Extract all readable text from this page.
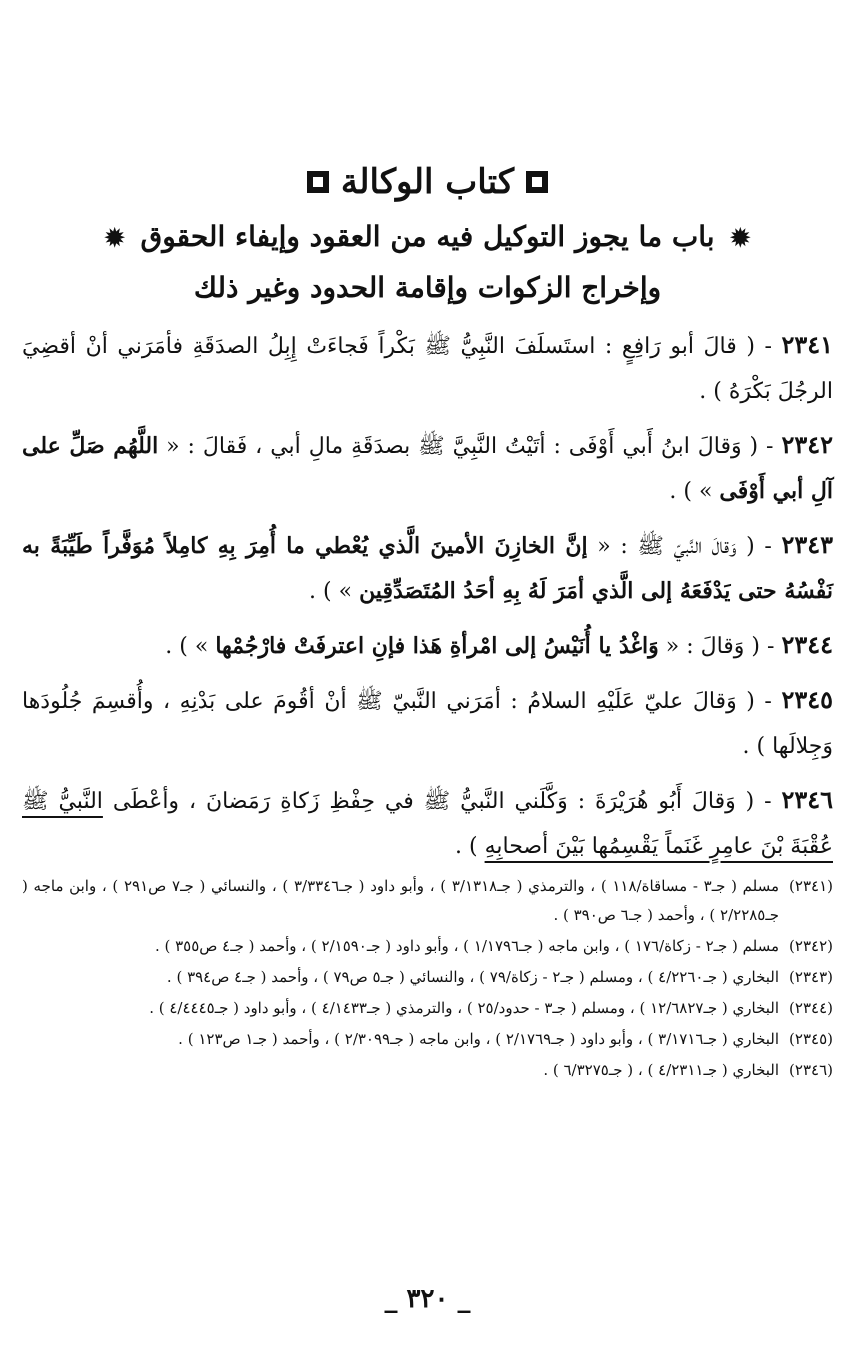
كتاب الوكالة
✹ باب ما يجوز التوكيل فيه من العقود وإيفاء الحقوق ✹
وإخراج الزكوات وإقامة الحدود وغير ذلك

٢٣٤١ - ( قالَ أبو رَافِعٍ : استَسلَفَ النَّبِيُّ ﷺ بَكْراً فَجاءَتْ إِبِلُ الصدَقَةِ فأمَرَني أنْ أقضِيَ الرجُلَ بَكْرَهُ ) .

٢٣٤٢ - ( وَقالَ ابنُ أَبي أَوْفَى : أتَيْتُ النَّبِيَّ ﷺ بصدَقَةِ مالِ أبي ، فَقالَ : « اللَّهُم صَلِّ على آلِ أبي أَوْفَى » ) .

٢٣٤٣ - ( وَقالَ النَّبيّ ﷺ : « إنَّ الخازِنَ الأمينَ الَّذي يُعْطي ما أُمِرَ بِهِ كامِلاً مُوَفَّراً طَيِّبَةً به نَفْسُهُ حتى يَدْفَعَهُ إلى الَّذي أمَرَ لَهُ بِهِ أحَدُ المُتَصَدِّقِين » ) .

٢٣٤٤ - ( وَقالَ : « وَاغْدُ يا أُنَيْسُ إلى امْرأةِ هَذا فإنِ اعترفَتْ فارْجُمْها » ) .

٢٣٤٥ - ( وَقالَ عليّ عَلَيْهِ السلامُ : أمَرَني النَّبيّ ﷺ أنْ أقُومَ على بَدْنِهِ ، وأُقسِمَ جُلُودَها وَجِلالَها ) .

٢٣٤٦ - ( وَقالَ أَبُو هُرَيْرَةَ : وَكَّلَني النَّبيُّ ﷺ في حِفْظِ زَكاةِ رَمَضانَ ، وأعْطَى النَّبيُّ ﷺ عُقْبَةَ بْنَ عامِرٍ غَنَماً يَقْسِمُها بَيْنَ أصحابِهِ ) .

(٢٣٤١)
مسلم ( جـ٣ - مساقاة/١١٨ ) ، والترمذي ( جـ٣/١٣١٨ ) ، وأبو داود ( جـ٣/٣٣٤٦ ) ، والنسائي ( جـ٧ ص٢٩١ ) ، وابن ماجه ( جـ٢/٢٢٨٥ ) ، وأحمد ( جـ٦ ص٣٩٠ ) .
(٢٣٤٢)
مسلم ( جـ٢ - زكاة/١٧٦ ) ، وابن ماجه ( جـ١/١٧٩٦ ) ، وأبو داود ( جـ٢/١٥٩٠ ) ، وأحمد ( جـ٤ ص٣٥٥ ) .
(٢٣٤٣)
البخاري ( جـ٤/٢٢٦٠ ) ، ومسلم ( جـ٢ - زكاة/٧٩ ) ، والنسائي ( جـ٥ ص٧٩ ) ، وأحمد ( جـ٤ ص٣٩٤ ) .
(٢٣٤٤)
البخاري ( جـ١٢/٦٨٢٧ ) ، ومسلم ( جـ٣ - حدود/٢٥ ) ، والترمذي ( جـ٤/١٤٣٣ ) ، وأبو داود ( جـ٤/٤٤٤٥ ) .
(٢٣٤٥)
البخاري ( جـ٣/١٧١٦ ) ، وأبو داود ( جـ٢/١٧٦٩ ) ، وابن ماجه ( جـ٢/٣٠٩٩ ) ، وأحمد ( جـ١ ص١٢٣ ) .
(٢٣٤٦)
البخاري ( جـ٤/٢٣١١ ) ، ( جـ٦/٣٢٧٥ ) .
_ ٣٢٠ _
